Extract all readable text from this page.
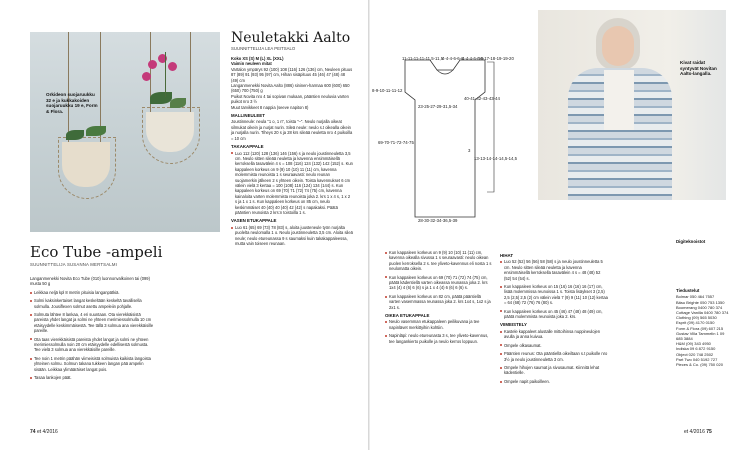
Orkideon suojaruukku 32 e ja kukkakoiden suojaruukku 19 e, Form & Flora.
Eco Tube -ampeli
SUUNNITTELIJA SUSANNA MERTSALMI

Langanmenekki Novita Eco Tube (010) luonnonvalkoinen tai (099) musta 50 g

Leikkaa neljä kpl 8 metrin pituisia langanpätkiä.

Solmi kaksinkertaiset langat keskeltään keskeltä tavallisella solmulla. Jousiflexen solmut asettu ampeleiin pohjalle.

Solmuta lähtee 8 lankaa, 4 eri suuntaan. Ota vierekkäisistä pareista yhdet langat ja solmi ne yhteen merimiessolmulla 10 cm etäisyydelle keskimmäisestä. Tee tällä 3 solmua ana vierekkäisille pareille.

Ota taas vierekkäisistä pareista yhdet langat ja solmi ne yhteen merimiessolmulla noin 20 cm etäisyydelle edellisestä solmusta. Tee vielä 3 solmua ana vierekkäisille pareille.

Tee noin 1 metrin päähän viimeisistä solmuista kaikista langoista yhteinen solmu. Solmun takana tukkeen langan pää ampelin sisään. Leikkaa ylimääräiset langat pois.

Tasaa lankojen päät.

74 et 4/2016
Neuletakki Aalto
SUUNNITTELIJA LEA PEITSALO

Koko XS (S) M (L) XL (XXL)
Vaimin neuleen mitat
Vartalon ympärys 92 (100) 108 (116) 126 (136) cm, Neuleen pituus 87 (89) 91 (93) 95 (97) cm, Hihan sisäpituus 45 (46) 47 (48) 48 (49) cm
Langanmenekki Novita Aalto (886) sininen-harmaa 600 (600) 650 (650) 700 (750) g
Puikot Novita nro 4 tai sopivan mukaan, pääntien neuluvia varten puikot nro 3 ½
Muut tarvikkeet 8 nappia (seeve napiton 8)

MALLINEULEET

Joustinneule: neula "1 o, 1 n", toista "–". Neulo nurjalla oikeat silmukat oikein ja nurjat nurin. Sileä neule: neulo s.t oikealla oikein ja nurjalla nurin. Tiheys 20 s ja 28 krs sileää neuletta nro 4 puikoilla = 10 cm

TAKAKAPPALE

Luo 112 (120) 128 (136) 146 (156) s ja neulo joustinneuletta 3,5 cm. Neulo sitten sileää neuletta ja kavenna ensimmäisellä kerroksella tasavälein 4 s = 108 (116) 124 (132) 142 (152) s. Kun kappaleen korkeus on 9 (9) 10 (10) 11 (11) cm, kavenna molemmista reunoista 1 s seuraavasti: neulo reunan suojamerkin jälkeen 2 s yhteen oikein. Toista kavennukset 6 cm välein vielä 3 kertaa = 100 (108) 116 (124) 134 (144) s. Kun kappaleen korkeus on 69 (70) 71 (72) 74 (75) cm, kavenna kainaloita varten molemmista reunoista joka 2. krs 1 x 4 s, 1 x 2 s ja 1 x 1 s. Kun kappaleen korkeus on 85 cm, neulo keskimmäiset 40 (40) 40 (40) 42 (42) s napakaksi. Päätä pääntien reunoista 2 krs:n toistoilla 1 s.

VASEN ETUKAPPALE

Luo 61 (65) 69 (73) 78 (83) s, aloita juusteneule työn nurjalta puolelta neulomalla 1 o. Neulo joustinneuletta 3,5 cm. Aloita sileä neule; neulo etureunassa 9 s saumaksi kuin takakappaleessa, mutta vain toiseen reunaan.

11-11-11-11-11,5-11,5
4-4-4-6-6-6
4-4-4-6-6-6
16-17-18-19-19-20
8-9-10-11-11-12
23-25-27-29-31,5-34
40-41-42-43-43-44
69-70-71-72-74-75
3
13-13-14-14-14,5-14,5
28-30-32-34-36,5-39
Kivat raidat syntyvät Novitan Aalto-langalla.

Kun kappaleen korkeus on 9 (9) 10 (10) 11 (11) cm, kavenna oikealla sivussa 1 s seuraavasti: neulo oikean puolen kerroksella 2 s. tee yliveto-kavennus eli nosta 1 s neulomatta oikein.

Kun kappaleen korkeus on 69 (70) 71 (72) 74 (75) cm, päätä kädentiellä varten oikeassa reunassa joka 2. krs 1x4 (4) 4 (6) 6 (6) s ja 1 x 4 (4) 6 (6) 6 (6) s.

Kun kappaleen korkeus on 82 cm, päätä pääntiellä varten vasemmassa reunassa joka 2. krs 1x4 s, 1x2 s ja 2x1 s.

OIKEA ETUKAPPALE

Neulo vasemman etukappaleen peilikuvana ja tee napinlävet merkittyihin kohtiin.

Napinläpi: neulo etureunasta 3 s, tee yliveto-kavennus, tee langankierto puikolle ja neulo kerros loppuun.

HIHAT

Luo 52 (52) 56 (56) 58 (58) s ja neulo joustinneuletta 5 cm. Neulo sitten sileää neuletta ja kavenna ensimmäisellä kerroksella tasavälein 4 s = 48 (48) 52 (52) 54 (54) s.

Kun kappaleen korkeus on 15 (16) 16 (16) 16 (17) cm, lisää molemmissa reunoissa 1 s. Toista lisäykset 3 (2,5) 2,5 (2,5) 2,5 (2) cm välein vielä 7 (9) 9 (11) 10 (12) kertaa = 64 (68) 72 (76) 76 (80) s.

Kun kappaleen korkeus on 45 (46) 47 (48) 48 (49) cm, päätä molemmista reunoista joka 2. krs.

VIIMEISTELY

Kastele kappaleet alustalle mittoihinsa nuppineulojen avulla ja anna kuivua.

Ompele olkasaumat.

Pääntien reunus: Ota pääntiellä oikeiltaan s.t puikolle nro 3½ ja neulo joustinneuletta 3 cm.

Ompele hihojen saumat ja sivusaumat. Kiinnitä lehat kädentielle.

Ompele napit paikoilleen.

Digiteknoistot
Tiedustelut
Bolmar 050 464 7557
Bäsu Brighte 050 753 1350
Boomerang 0400 780 374
Cottage Vanilla 0400 780 374
Clothing (09) 565 5030
Esprit (09) 4170 0150
Form & Flora (09) 607 215
Gustav Villa Tammelin 1 09 685 3884
H&M (09) 343 4950
Indiska 09 6 872 9150
Object 020 748 2502
Part Two 040 5192 727
Pieces & Co. (09) 750 020
et 4/2016 75
